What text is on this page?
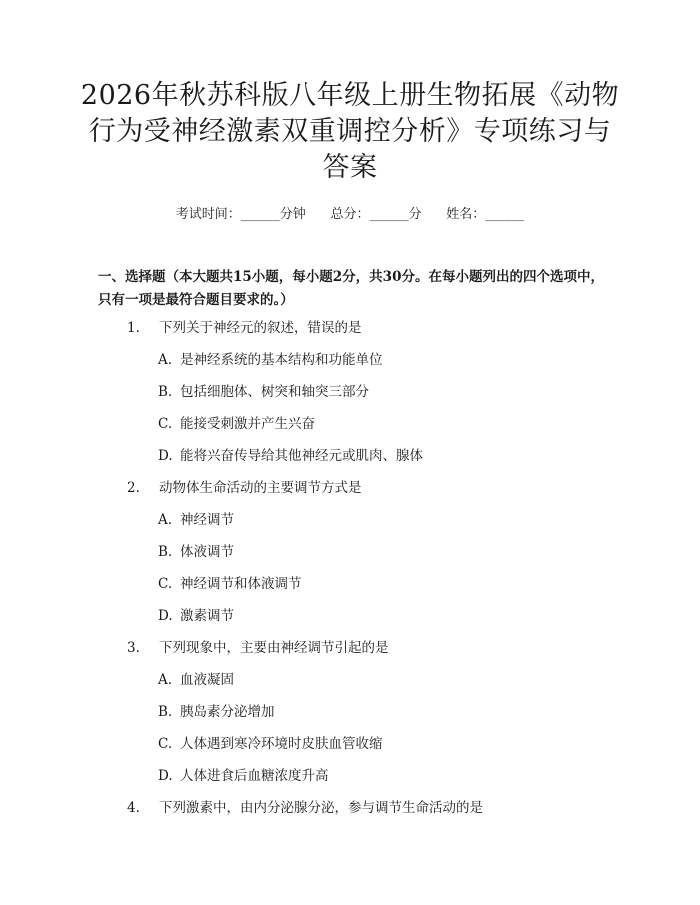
2026年秋苏科版八年级上册生物拓展《动物行为受神经激素双重调控分析》专项练习与答案
考试时间：______分钟      总分：______分      姓名：______
一、选择题（本大题共15小题，每小题2分，共30分。在每小题列出的四个选项中，只有一项是最符合题目要求的。）
1. 下列关于神经元的叙述，错误的是
A. 是神经系统的基本结构和功能单位
B. 包括细胞体、树突和轴突三部分
C. 能接受刺激并产生兴奋
D. 能将兴奋传导给其他神经元或肌肉、腺体
2. 动物体生命活动的主要调节方式是
A. 神经调节
B. 体液调节
C. 神经调节和体液调节
D. 激素调节
3. 下列现象中，主要由神经调节引起的是
A. 血液凝固
B. 胰岛素分泌增加
C. 人体遇到寒冷环境时皮肤血管收缩
D. 人体进食后血糖浓度升高
4. 下列激素中，由内分泌腺分泌，参与调节生命活动的是
